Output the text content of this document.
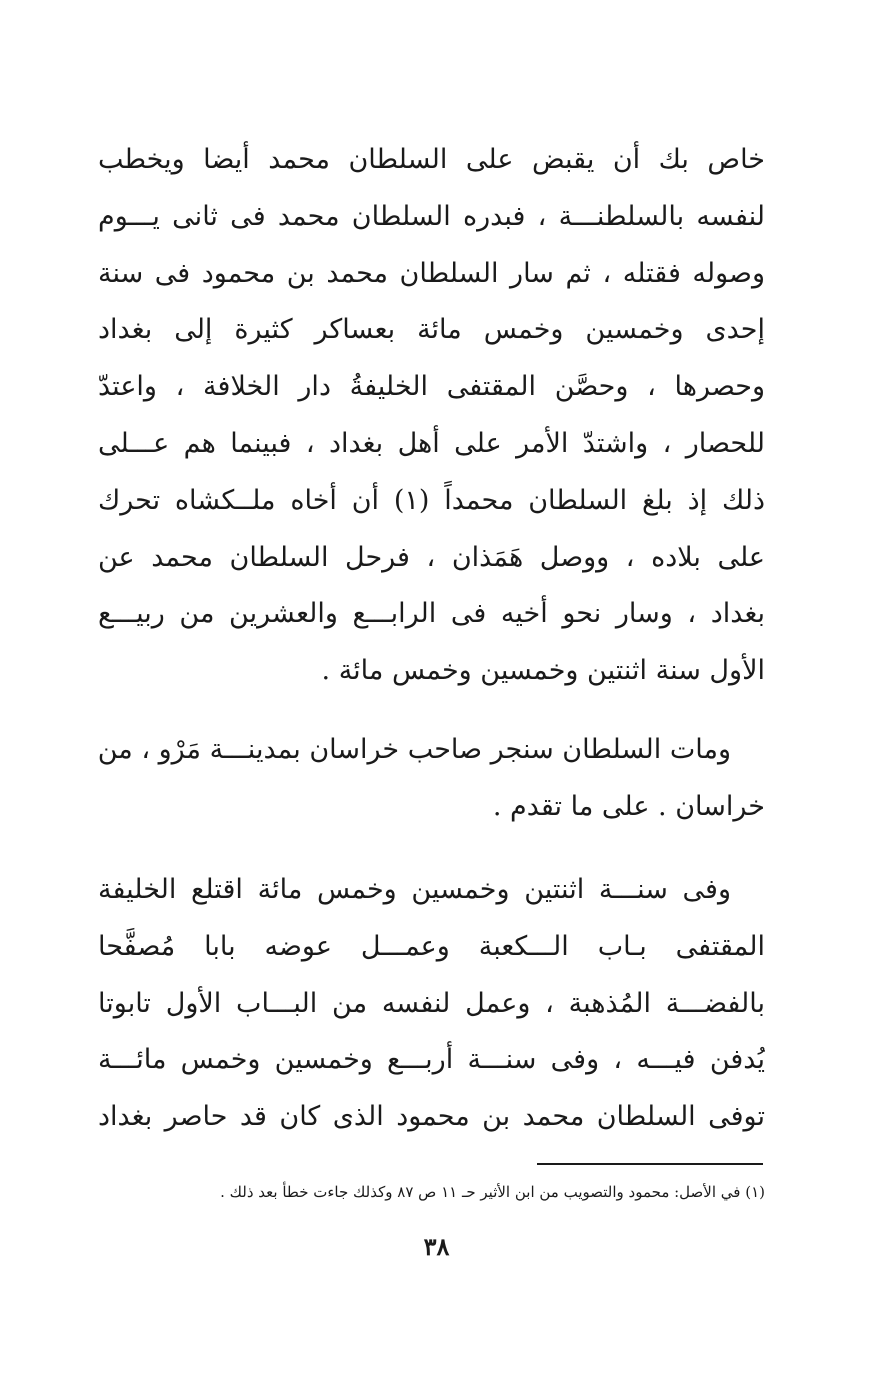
خاص بك أن يقبض على السلطان محمد أيضا ويخطب
لنفسه بالسلطنـــة ، فبدره السلطان محمد فى ثانى يـــوم
وصوله فقتله ، ثم سار السلطان محمد بن محمود فى سنة
إحدى وخمسين وخمس مائة بعساكر كثيرة إلى بغداد
وحصرها ، وحصَّن المقتفى الخليفةُ دار الخلافة ، واعتدّ
للحصار ، واشتدّ الأمر على أهل بغداد ، فبينما هم عـــلى
ذلك إذ بلغ السلطان محمداً (١) أن أخاه ملــكشاه تحرك
على بلاده ، ووصل هَمَذان ، فرحل السلطان محمد عن
بغداد ، وسار نحو أخيه فى الرابـــع والعشرين من ربيـــع
الأول سنة اثنتين وخمسين وخمس مائة .
ومات السلطان سنجر صاحب خراسان بمدينـــة مَرْو ، من
خراسان . على ما تقدم .
وفى سنـــة اثنتين وخمسين وخمس مائة اقتلع الخليفة
المقتفى بـاب الـــكعبة وعمـــل عوضه بابا مُصفَّحا
بالفضـــة المُذهبة ، وعمل لنفسه من البـــاب الأول تابوتا
يُدفن فيـــه ، وفى سنـــة أربـــع وخمسين وخمس مائـــة
توفى السلطان محمد بن محمود الذى كان قد حاصر بغداد
(١) في الأصل: محمود والتصويب من ابن الأثير حـ ١١ ص ٨٧ وكذلك جاءت خطأ بعد ذلك .
٣٨
